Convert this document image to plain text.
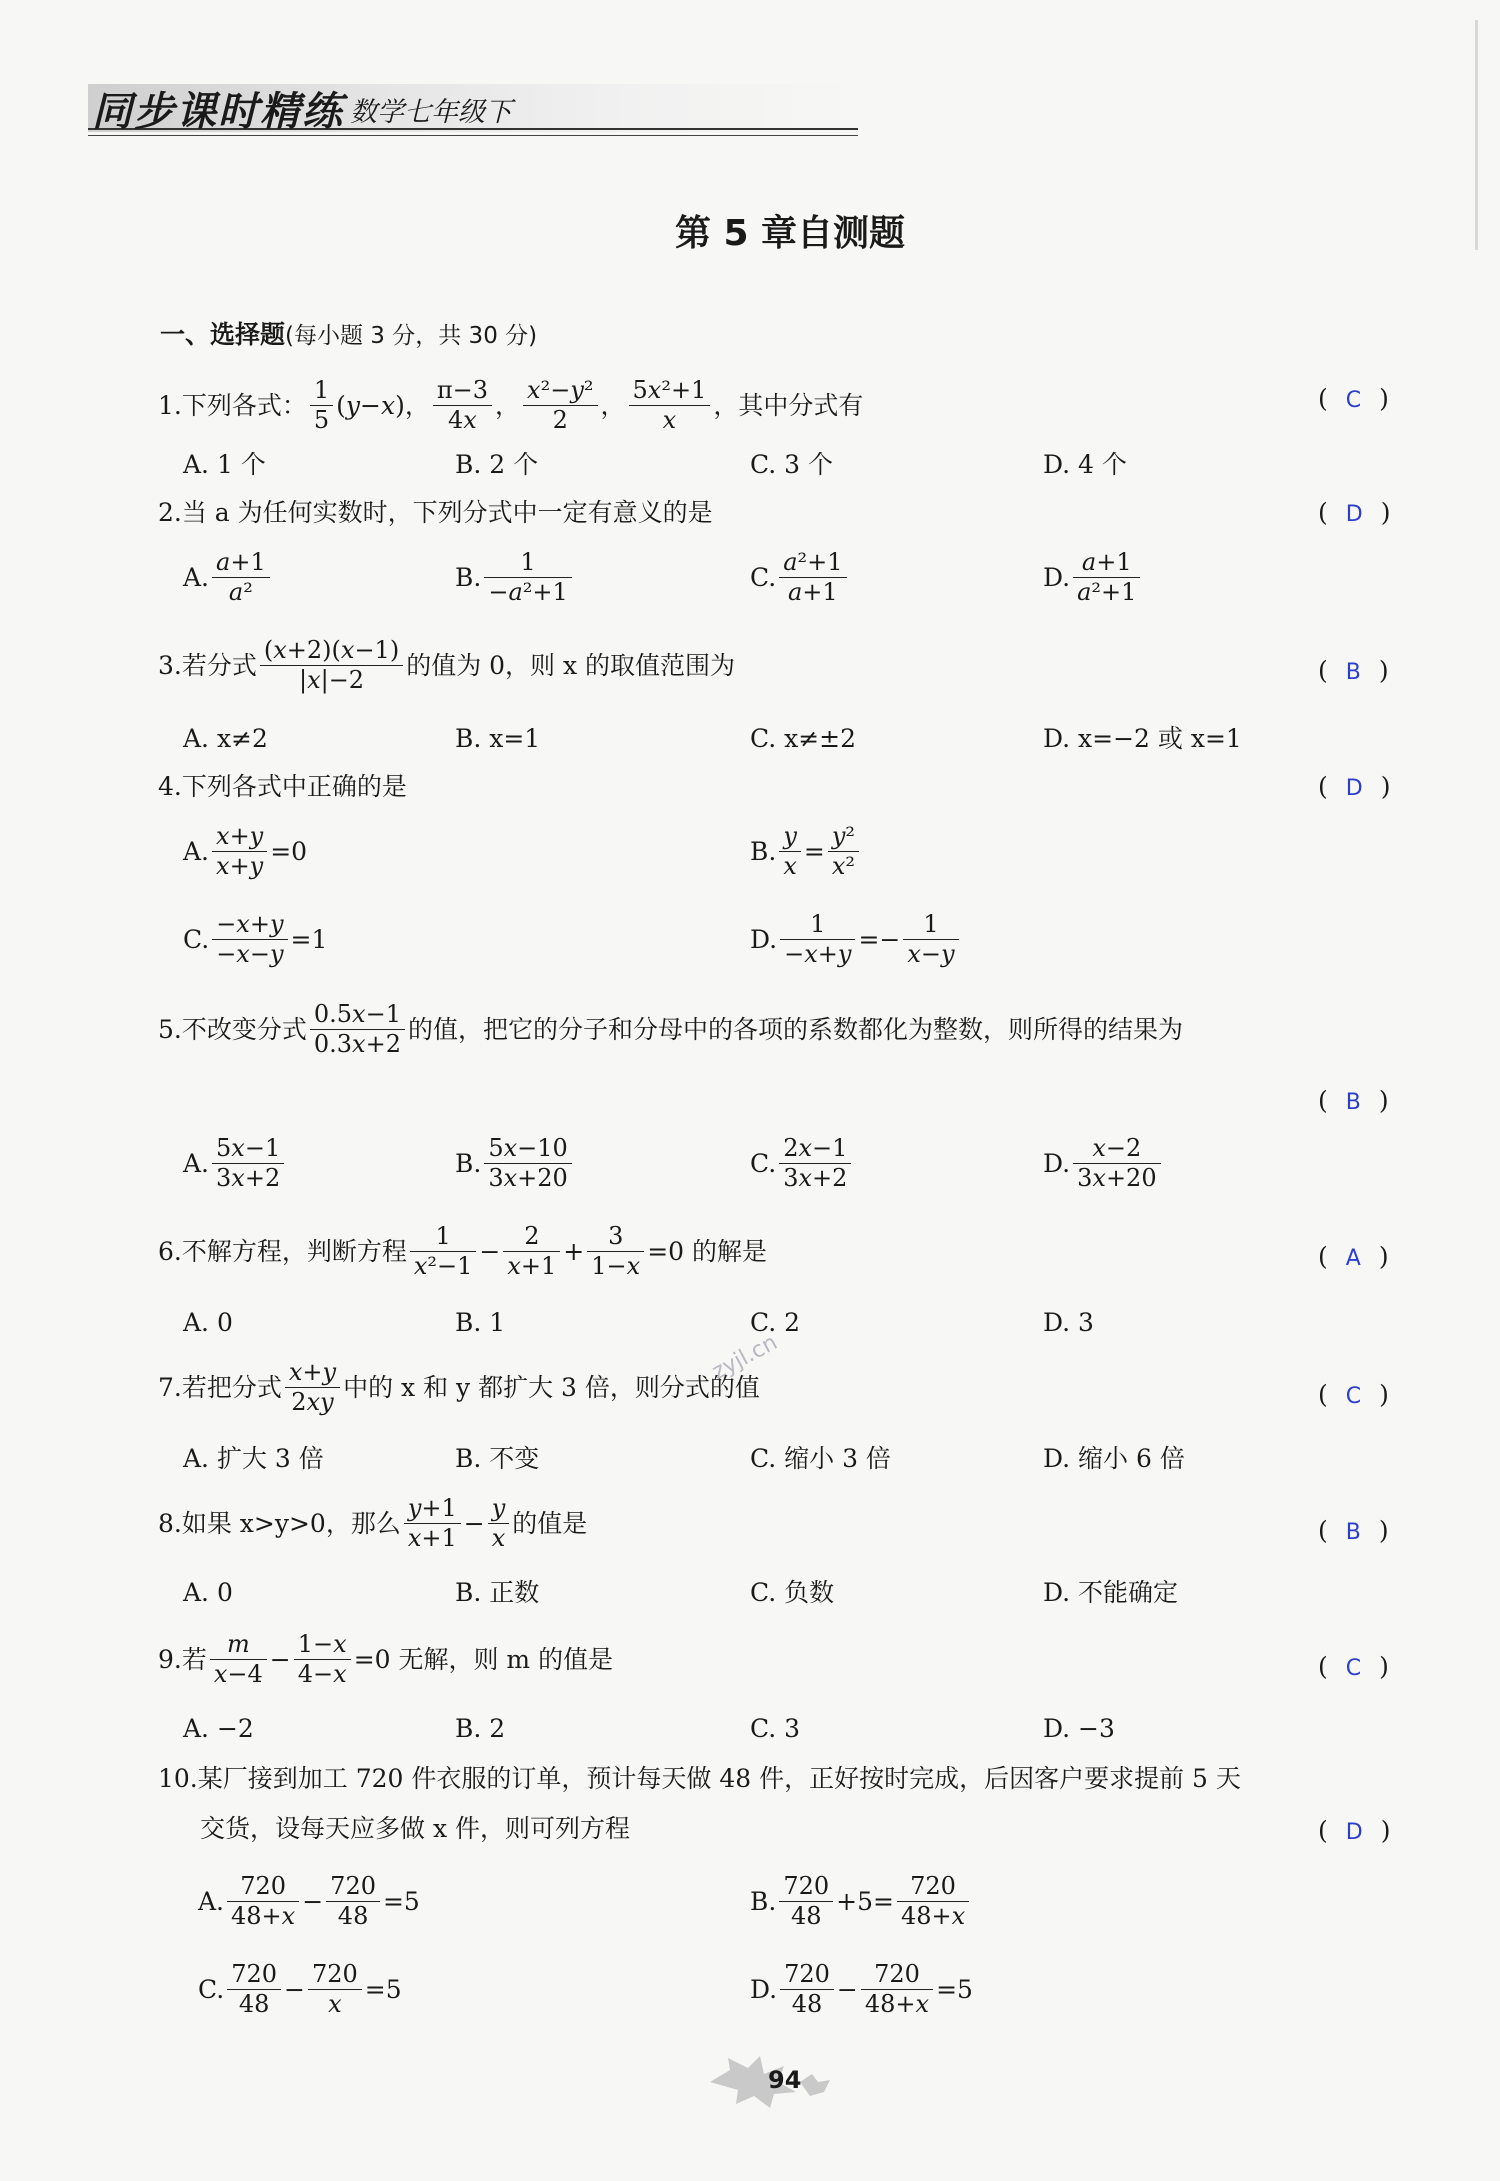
同步课时精练 数学七年级下
第 5 章自测题
一、选择题(每小题 3 分，共 30 分)
1.下列各式： $\frac{1}{5} (y-x)$， $\frac{\pi-3}{4x}$ ， $\frac{\text{x²−y²}}{2}$ ， $\frac{\text{5x²+1}}{x}$ ，其中分式有	( C )
A. 1 个	B. 2 个	C. 3 个	D. 4 个
2.当 a 为任何实数时，下列分式中一定有意义的是	( D )
A. $\frac{a+1}{\text{a²}}$	B. $\frac{1}{\text{−a²+1}}$	C. $\frac{\text{a²+1}}{a+1}$	D. $\frac{a+1}{\text{a²+1}}$
3.若分式 $\frac{(x+2)(x-1)}{|x|-2}$ 的值为 0，则 x 的取值范围为	( B )
A. x≠2	B. x=1	C. x≠±2	D. x=−2 或 x=1
4.下列各式中正确的是	( D )
A. $\frac{x+y}{x+y} =0$	B. $\frac{y}{x} = \frac{\text{y²}}{\text{x²}}$
C. $\frac{-x+y}{-x-y} =1$	D. $\frac{1}{-x+y} =- \frac{1}{x-y}$
5.不改变分式 $\frac{0.5x-1}{0.3x+2}$ 的值，把它的分子和分母中的各项的系数都化为整数，则所得的结果为
( B )
A. $\frac{5x-1}{3x+2}$	B. $\frac{5x-10}{3x+20}$	C. $\frac{2x-1}{3x+2}$	D. $\frac{x-2}{3x+20}$
6.不解方程，判断方程 $\frac{1}{\text{x²−1}} - \frac{2}{x+1} + \frac{3}{1-x} =0$ 的解是	( A )
A. 0	B. 1	C. 2	D. 3
zyjl.cn
7.若把分式 $\frac{x+y}{2xy}$ 中的 x 和 y 都扩大 3 倍，则分式的值	( C )
A. 扩大 3 倍	B. 不变	C. 缩小 3 倍	D. 缩小 6 倍
8.如果 x>y>0，那么 $\frac{y+1}{x+1} - \frac{y}{x}$ 的值是	( B )
A. 0	B. 正数	C. 负数	D. 不能确定
9.若 $\frac{m}{x-4} - \frac{1-x}{4-x} =0$ 无解，则 m 的值是	( C )
A. −2	B. 2	C. 3	D. −3
10.某厂接到加工 720 件衣服的订单，预计每天做 48 件，正好按时完成，后因客户要求提前 5 天
交货，设每天应多做 x 件，则可列方程	( D )
A. $\frac{720}{48+x} - \frac{720}{48} =5$	B. $\frac{720}{48} +5= \frac{720}{48+x}$
C. $\frac{720}{48} - \frac{720}{x} =5$	D. $\frac{720}{48} - \frac{720}{48+x} =5$
94
